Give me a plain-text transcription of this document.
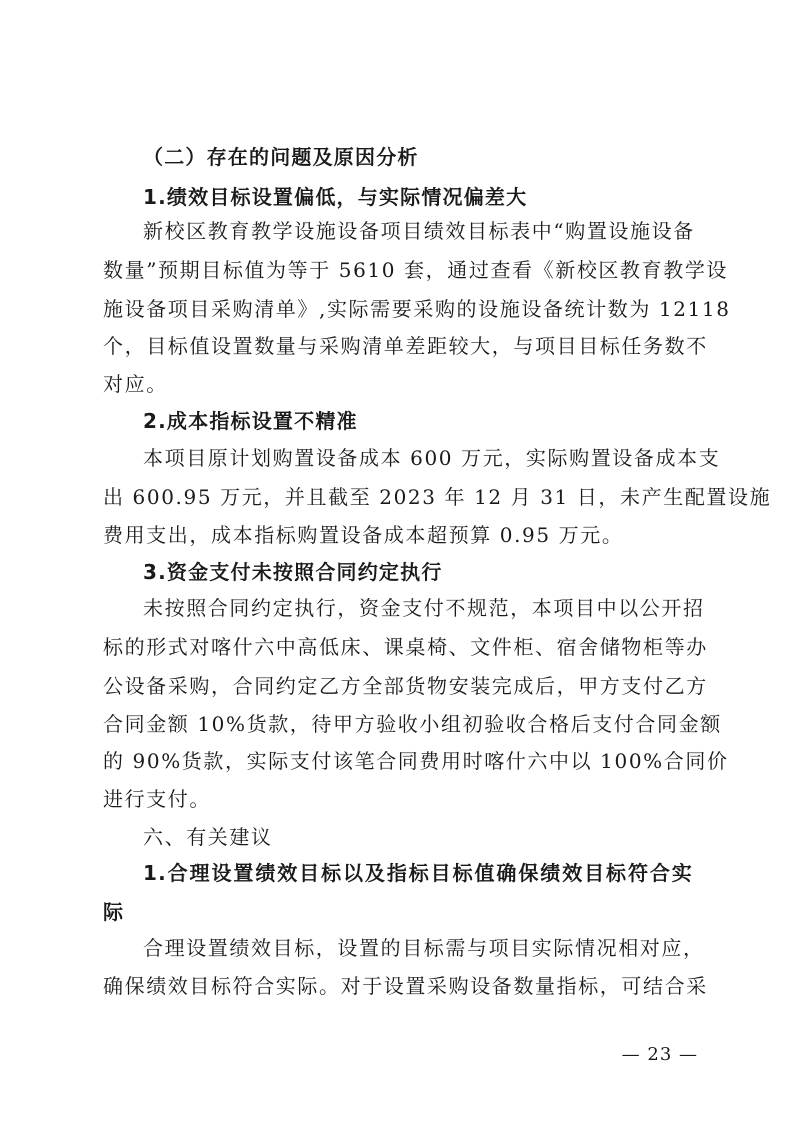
（二）存在的问题及原因分析
1.绩效目标设置偏低，与实际情况偏差大
新校区教育教学设施设备项目绩效目标表中“购置设施设备
数量”预期目标值为等于 5610 套，通过查看《新校区教育教学设
施设备项目采购清单》,实际需要采购的设施设备统计数为 12118
个，目标值设置数量与采购清单差距较大，与项目目标任务数不
对应。
2.成本指标设置不精准
本项目原计划购置设备成本 600 万元，实际购置设备成本支
出 600.95 万元，并且截至 2023 年 12 月 31 日，未产生配置设施
费用支出，成本指标购置设备成本超预算 0.95 万元。
3.资金支付未按照合同约定执行
未按照合同约定执行，资金支付不规范，本项目中以公开招
标的形式对喀什六中高低床、课桌椅、文件柜、宿舍储物柜等办
公设备采购，合同约定乙方全部货物安装完成后，甲方支付乙方
合同金额 10%货款，待甲方验收小组初验收合格后支付合同金额
的 90%货款，实际支付该笔合同费用时喀什六中以 100%合同价
进行支付。
六、有关建议
1.合理设置绩效目标以及指标目标值确保绩效目标符合实
际
合理设置绩效目标，设置的目标需与项目实际情况相对应，
确保绩效目标符合实际。对于设置采购设备数量指标，可结合采
— 23 —
